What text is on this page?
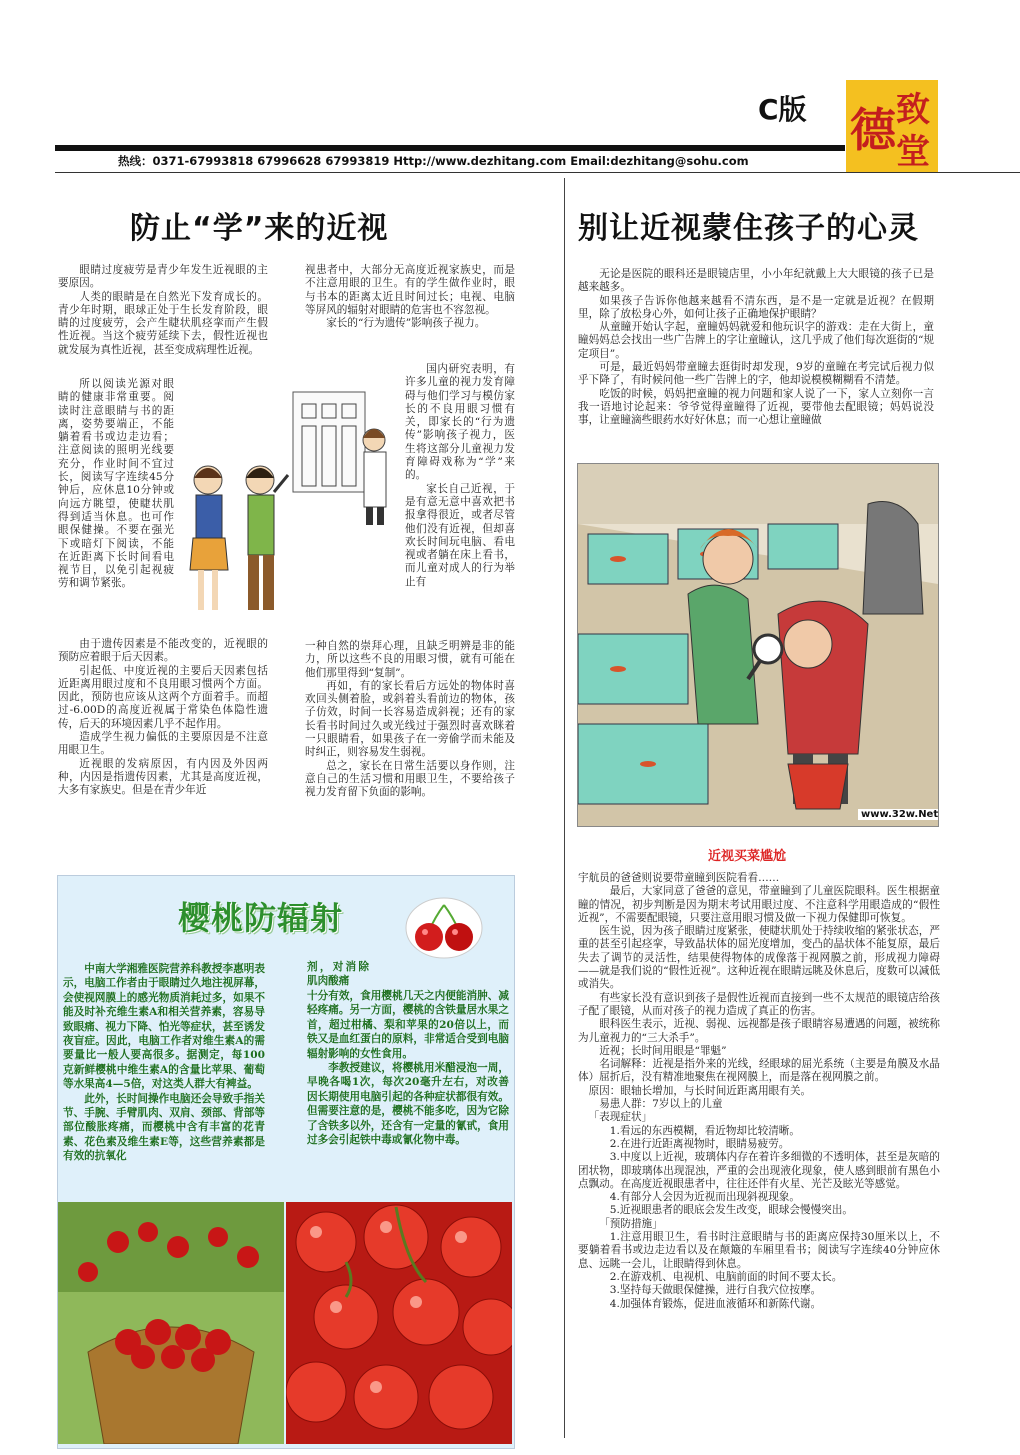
C版 德 致
堂
热线：0371-67993818 67996628 67993819 Http://www.dezhitang.com Email:dezhitang@sohu.com
防止“学”来的近视

眼睛过度疲劳是青少年发生近视眼的主要原因。

人类的眼睛是在自然光下发育成长的。青少年时期，眼球正处于生长发育阶段，眼睛的过度疲劳，会产生睫状肌痉挛而产生假性近视。当这个疲劳延续下去，假性近视也就发展为真性近视，甚至变成病理性近视。

所以阅读光源对眼睛的健康非常重要。阅读时注意眼睛与书的距离，姿势要端正，不能躺着看书或边走边看；注意阅读的照明光线要充分，作业时间不宜过长，阅读写字连续45分钟后，应休息10分钟或向远方眺望，使睫状肌得到适当休息。也可作眼保健操。不要在强光下或暗灯下阅读，不能在近距离下长时间看电视节目，以免引起视疲劳和调节紧张。

由于遗传因素是不能改变的，近视眼的预防应着眼于后天因素。

引起低、中度近视的主要后天因素包括近距离用眼过度和不良用眼习惯两个方面。因此，预防也应该从这两个方面着手。而超过-6.00D的高度近视属于常染色体隐性遗传，后天的环境因素几乎不起作用。

造成学生视力偏低的主要原因是不注意用眼卫生。

近视眼的发病原因，有内因及外因两种，内因是指遗传因素，尤其是高度近视，大多有家族史。但是在青少年近

视患者中，大部分无高度近视家族史，而是不注意用眼的卫生。有的学生做作业时，眼与书本的距离太近且时间过长；电视、电脑等屏风的辐射对眼睛的危害也不容忽视。

家长的“行为遗传”影响孩子视力。

国内研究表明，有许多儿童的视力发育障碍与他们学习与模仿家长的不良用眼习惯有关，即家长的“行为遗传”影响孩子视力，医生将这部分儿童视力发育障碍戏称为“学”来的。

家长自己近视，于是有意无意中喜欢把书报拿得很近，或者尽管他们没有近视，但却喜欢长时间玩电脑、看电视或者躺在床上看书，而儿童对成人的行为举止有

一种自然的崇拜心理，且缺乏明辨是非的能力，所以这些不良的用眼习惯，就有可能在他们那里得到“复制”。

再如，有的家长看后方远处的物体时喜欢回头侧着脸，或斜着头看前边的物体，孩子仿效，时间一长容易造成斜视；还有的家长看书时间过久或光线过于强烈时喜欢眯着一只眼睛看，如果孩子在一旁偷学而未能及时纠正，则容易发生弱视。

总之，家长在日常生活要以身作则，注意自己的生活习惯和用眼卫生，不要给孩子视力发育留下负面的影响。

别让近视蒙住孩子的心灵

无论是医院的眼科还是眼镜店里，小小年纪就戴上大大眼镜的孩子已是越来越多。

如果孩子告诉你他越来越看不清东西，是不是一定就是近视？在假期里，除了放松身心外，如何让孩子正确地保护眼睛？

从童瞳开始认字起，童瞳妈妈就爱和他玩识字的游戏：走在大街上，童瞳妈妈总会找出一些广告牌上的字让童瞳认，这几乎成了他们每次逛街的“规定项目”。

可是，最近妈妈带童瞳去逛街时却发现，9岁的童瞳在考完试后视力似乎下降了，有时候问他一些广告牌上的字，他却说模模糊糊看不清楚。

吃饭的时候，妈妈把童瞳的视力问题和家人说了一下，家人立刻你一言我一语地讨论起来：爷爷觉得童瞳得了近视，要带他去配眼镜；妈妈说没事，让童瞳滴些眼药水好好休息；而一心想让童瞳做

www.32w.Net
近视买菜尴尬

宇航员的爸爸则说要带童瞳到医院看看……

最后，大家同意了爸爸的意见，带童瞳到了儿童医院眼科。医生根据童瞳的情况，初步判断是因为期末考试用眼过度、不注意科学用眼造成的“假性近视”，不需要配眼镜，只要注意用眼习惯及做一下视力保健即可恢复。

医生说，因为孩子眼睛过度紧张，使睫状肌处于持续收缩的紧张状态，严重的甚至引起痉挛，导致晶状体的屈光度增加，变凸的晶状体不能复原，最后失去了调节的灵活性，结果使得物体的成像落于视网膜之前，形成视力障碍——就是我们说的“假性近视”。这种近视在眼睛远眺及休息后，度数可以减低或消失。

有些家长没有意识到孩子是假性近视而直接到一些不太规范的眼镜店给孩子配了眼镜，从而对孩子的视力造成了真正的伤害。

眼科医生表示，近视、弱视、远视都是孩子眼睛容易遭遇的问题，被统称为儿童视力的“三大杀手”。

近视；长时间用眼是“罪魁”

名词解释：近视是指外来的光线，经眼球的屈光系统（主要是角膜及水晶体）屈折后，没有精准地聚焦在视网膜上，而是落在视网膜之前。

原因：眼轴长增加，与长时间近距离用眼有关。

易患人群：7岁以上的儿童

「表现症状」

1.看远的东西模糊，看近物却比较清晰。

2.在进行近距离视物时，眼睛易疲劳。

3.中度以上近视，玻璃体内存在着许多细微的不透明体，甚至是灰暗的团状物，即玻璃体出现混浊，严重的会出现液化现象，使人感到眼前有黑色小点飘动。在高度近视眼患者中，往往还伴有火星、光芒及眩光等感觉。

4.有部分人会因为近视而出现斜视现象。

5.近视眼患者的眼底会发生改变，眼球会慢慢突出。

「预防措施」

1.注意用眼卫生，看书时注意眼睛与书的距离应保持30厘米以上，不要躺着看书或边走边看以及在颠簸的车厢里看书；阅读写字连续40分钟应休息、远眺一会儿，让眼睛得到休息。

2.在游戏机、电视机、电脑前面的时间不要太长。

3.坚持每天做眼保健操，进行自我穴位按摩。

4.加强体育锻炼，促进血液循环和新陈代谢。

樱桃防辐射

中南大学湘雅医院营养科教授李惠明表示，电脑工作者由于眼睛过久地注视屏幕，会使视网膜上的感光物质消耗过多，如果不能及时补充维生素A和相关营养素，容易导致眼痛、视力下降、怕光等症状，甚至诱发夜盲症。因此，电脑工作者对维生素A的需要量比一般人要高很多。据测定，每100克新鲜樱桃中维生素A的含量比苹果、葡萄等水果高4—5倍，对这类人群大有裨益。

此外，长时间操作电脑还会导致手指关节、手腕、手臂肌肉、双肩、颈部、背部等部位酸胀疼痛，而樱桃中含有丰富的花青素、花色素及维生素E等，这些营养素都是有效的抗氧化

剂，对消除肌肉酸痛

十分有效，食用樱桃几天之内便能消肿、减轻疼痛。另一方面，樱桃的含铁量居水果之首，超过柑橘、梨和苹果的20倍以上，而铁又是血红蛋白的原料，非常适合受到电脑辐射影响的女性食用。

李教授建议，将樱桃用米醋浸泡一周，早晚各喝1次，每次20毫升左右，对改善因长期使用电脑引起的各种症状都很有效。但需要注意的是，樱桃不能多吃，因为它除了含铁多以外，还含有一定量的氰甙，食用过多会引起铁中毒或氰化物中毒。
